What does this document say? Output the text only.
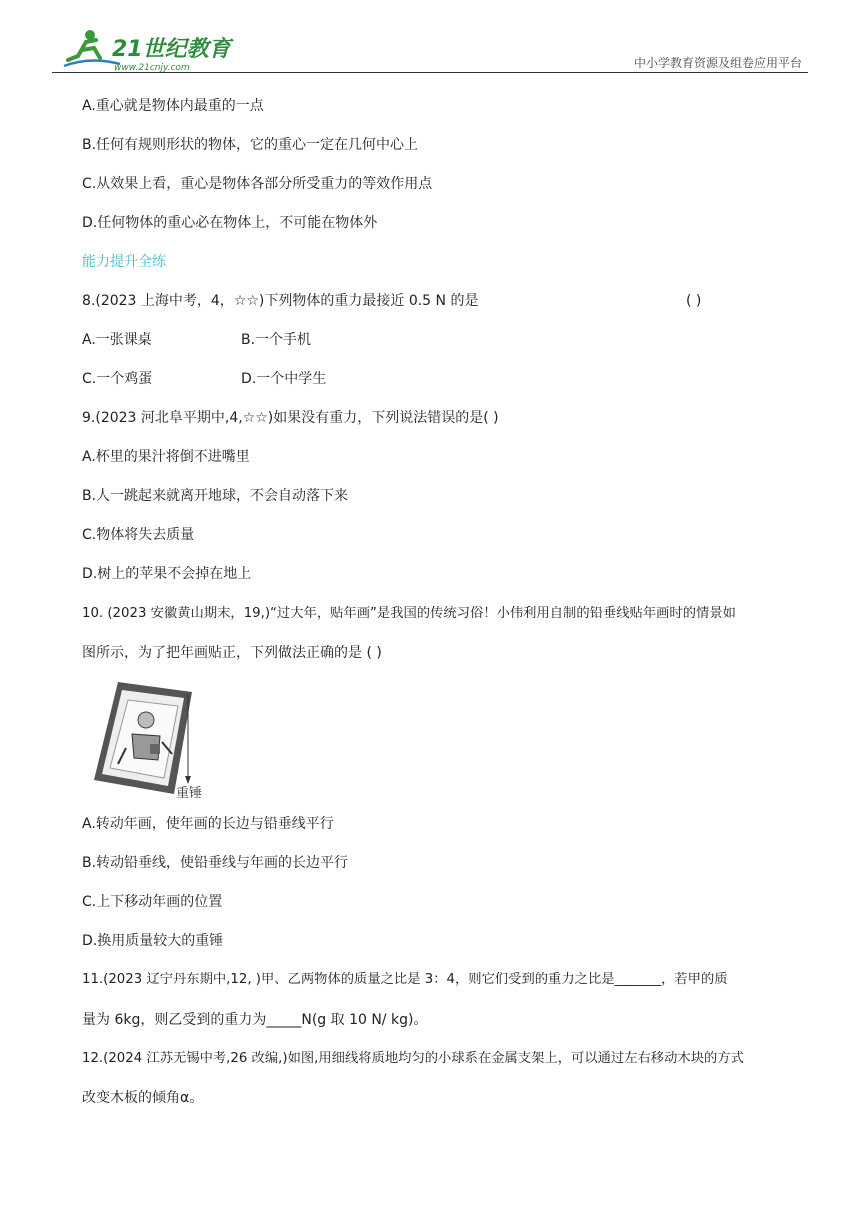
21世纪教育
www.21cnjy.com	中小学教育资源及组卷应用平台
A.重心就是物体内最重的一点
B.任何有规则形状的物体，它的重心一定在几何中心上
C.从效果上看，重心是物体各部分所受重力的等效作用点
D.任何物体的重心必在物体上，不可能在物体外
能力提升全练
8.(2023 上海中考，4，☆☆)下列物体的重力最接近 0.5 N 的是	( )
A.一张课桌	B.一个手机
C.一个鸡蛋	D.一个中学生
9.(2023 河北阜平期中,4,☆☆)如果没有重力，下列说法错误的是( )
A.杯里的果汁将倒不进嘴里
B.人一跳起来就离开地球，不会自动落下来
C.物体将失去质量
D.树上的苹果不会掉在地上
10. (2023 安徽黄山期末，19,)“过大年，贴年画”是我国的传统习俗！小伟利用自制的铅垂线贴年画时的情景如
图所示，为了把年画贴正，下列做法正确的是 ( )
重锤
A.转动年画，使年画的长边与铅垂线平行
B.转动铅垂线，使铅垂线与年画的长边平行
C.上下移动年画的位置
D.换用质量较大的重锤
11.(2023 辽宁丹东期中,12, )甲、乙两物体的质量之比是 3：4，则它们受到的重力之比是_______，若甲的质
量为 6kg，则乙受到的重力为_____N(g 取 10 N/ kg)。
12.(2024 江苏无锡中考,26 改编,)如图,用细线将质地均匀的小球系在金属支架上，可以通过左右移动木块的方式
改变木板的倾角α。
